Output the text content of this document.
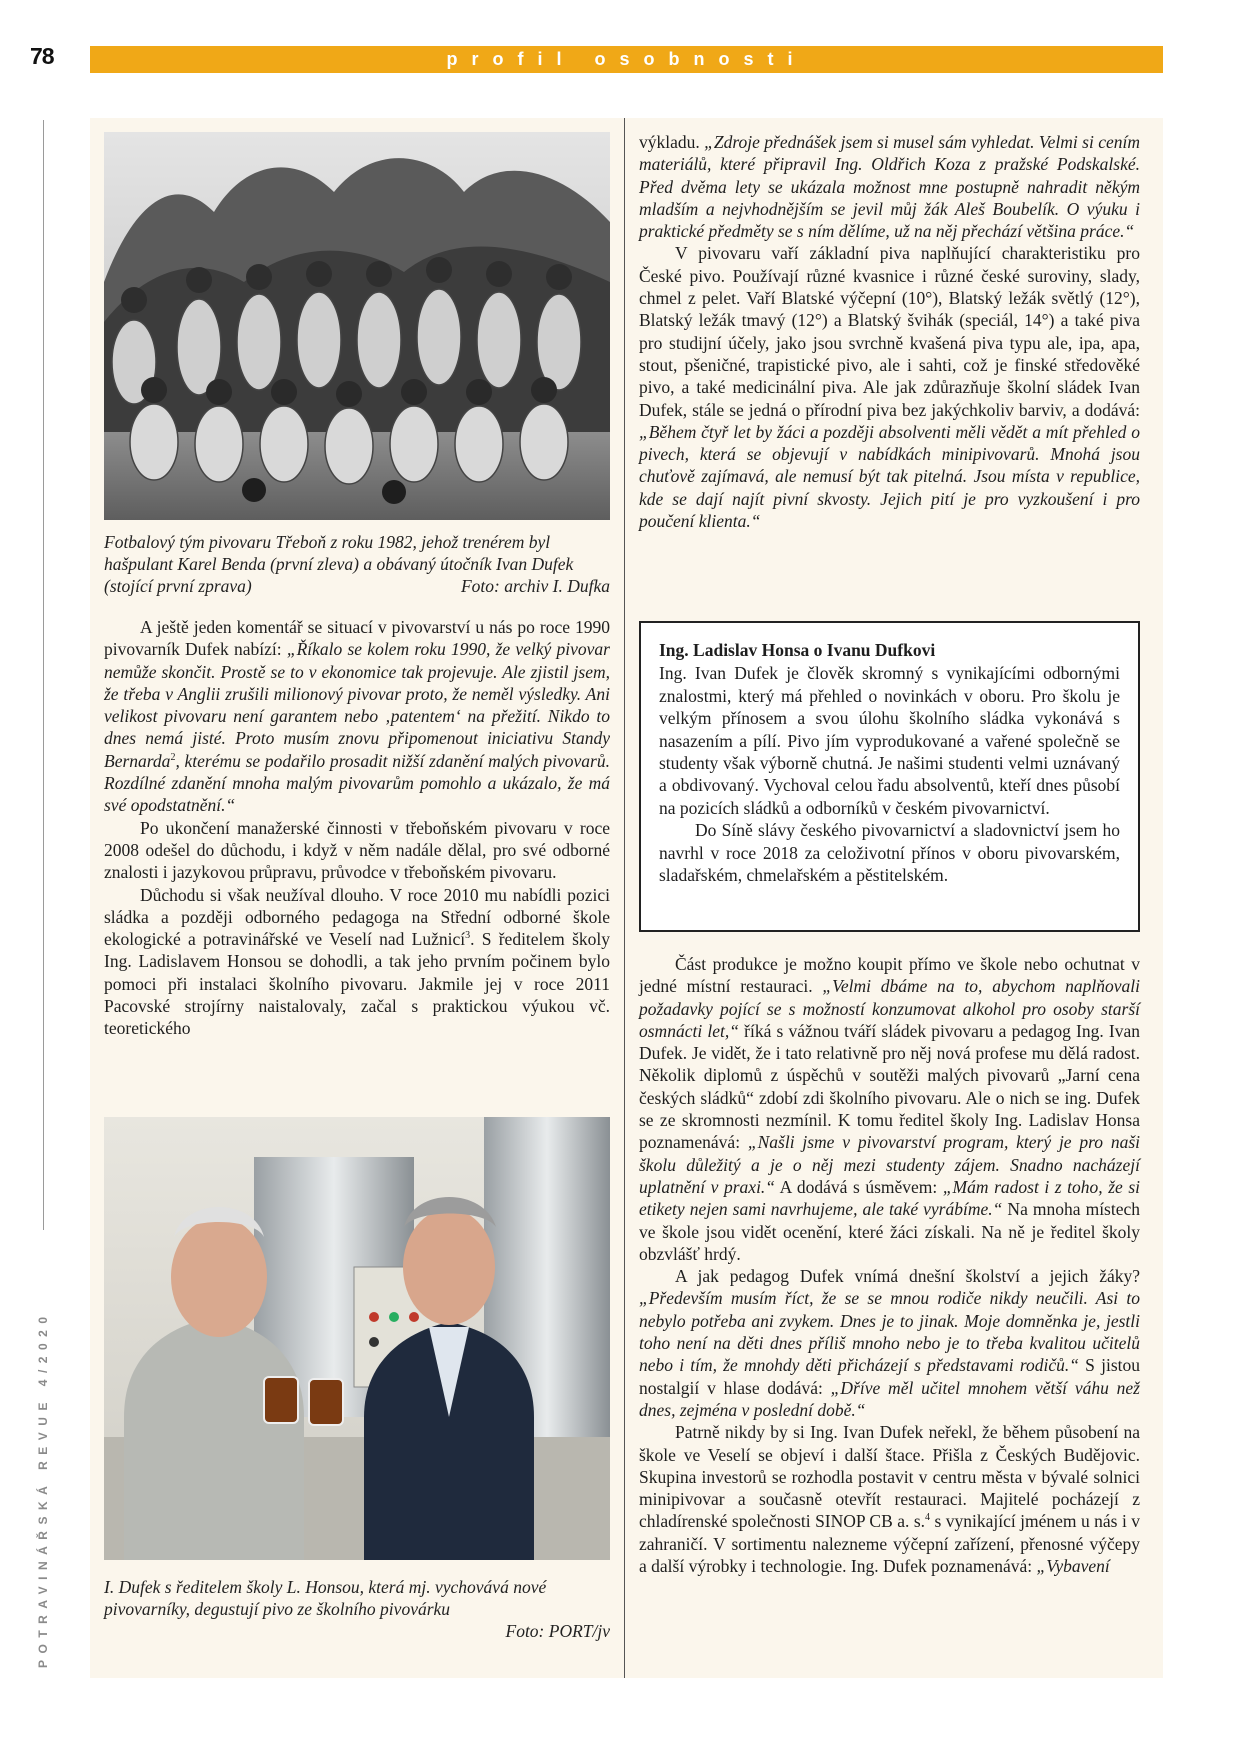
78	profil osobnosti
POTRAVINÁŘSKÁ REVUE 4/2020

Fotbalový tým pivovaru Třeboň z roku 1982, jehož trenérem byl hašpulant Karel Benda (první zleva) a obávaný útočník Ivan Dufek (stojící první zprava)	Foto: archiv I. Dufka

A ještě jeden komentář se situací v pivovarství u nás po roce 1990 pivovarník Dufek nabízí: „Říkalo se kolem roku 1990, že velký pivovar nemůže skončit. Prostě se to v ekonomice tak projevuje. Ale zjistil jsem, že třeba v Anglii zrušili milionový pivovar proto, že neměl výsledky. Ani velikost pivovaru není garantem nebo ‚patentem‘ na přežití. Nikdo to dnes nemá jisté. Proto musím znovu připomenout iniciativu Standy Bernarda$^2$, kterému se podařilo prosadit nižší zdanění malých pivovarů. Rozdílné zdanění mnoha malým pivovarům pomohlo a ukázalo, že má své opodstatnění.“

Po ukončení manažerské činnosti v třeboňském pivovaru v roce 2008 odešel do důchodu, i když v něm nadále dělal, pro své odborné znalosti i jazykovou průpravu, průvodce v třeboňském pivovaru.

Důchodu si však neužíval dlouho. V roce 2010 mu nabídli pozici sládka a později odborného pedagoga na Střední odborné škole ekologické a potravinářské ve Veselí nad Lužnicí$^3$. S ředitelem školy Ing. Ladislavem Honsou se dohodli, a tak jeho prvním počinem bylo pomoci při instalaci školního pivovaru. Jakmile jej v roce 2011 Pacovské strojírny naistalovaly, začal s praktickou výukou vč. teoretického

I. Dufek s ředitelem školy L. Honsou, která mj. vychovává nové pivovarníky, degustují pivo ze školního pivovárku

Foto: PORT/jv

výkladu. „Zdroje přednášek jsem si musel sám vyhledat. Velmi si cením materiálů, které připravil Ing. Oldřich Koza z pražské Podskalské. Před dvěma lety se ukázala možnost mne postupně nahradit někým mladším a nejvhodnějším se jevil můj žák Aleš Boubelík. O výuku i praktické předměty se s ním dělíme, už na něj přechází většina práce.“

V pivovaru vaří základní piva naplňující charakteristiku pro České pivo. Používají různé kvasnice i různé české suroviny, slady, chmel z pelet. Vaří Blatské výčepní (10°), Blatský ležák světlý (12°), Blatský ležák tmavý (12°) a Blatský švihák (speciál, 14°) a také piva pro studijní účely, jako jsou svrchně kvašená piva typu ale, ipa, apa, stout, pšeničné, trapistické pivo, ale i sahti, což je finské středověké pivo, a také medicinální piva. Ale jak zdůrazňuje školní sládek Ivan Dufek, stále se jedná o přírodní piva bez jakýchkoliv barviv, a dodává: „Během čtyř let by žáci a později absolventi měli vědět a mít přehled o pivech, která se objevují v nabídkách minipivovarů. Mnohá jsou chuťově zajímavá, ale nemusí být tak pitelná. Jsou místa v republice, kde se dají najít pivní skvosty. Jejich pití je pro vyzkoušení i pro poučení klienta.“

Ing. Ladislav Honsa o Ivanu Dufkovi

Ing. Ivan Dufek je člověk skromný s vynikajícími odbornými znalostmi, který má přehled o novinkách v oboru. Pro školu je velkým přínosem a svou úlohu školního sládka vykonává s nasazením a pílí. Pivo jím vyprodukované a vařené společně se studenty však výborně chutná. Je našimi studenti velmi uznávaný a obdivovaný. Vychoval celou řadu absolventů, kteří dnes působí na pozicích sládků a odborníků v českém pivovarnictví.

Do Síně slávy českého pivovarnictví a sladovnictví jsem ho navrhl v roce 2018 za celoživotní přínos v oboru pivovarském, sladařském, chmelařském a pěstitelském.

Část produkce je možno koupit přímo ve škole nebo ochutnat v jedné místní restauraci. „Velmi dbáme na to, abychom naplňovali požadavky pojící se s možností konzumovat alkohol pro osoby starší osmnácti let,“ říká s vážnou tváří sládek pivovaru a pedagog Ing. Ivan Dufek. Je vidět, že i tato relativně pro něj nová profese mu dělá radost. Několik diplomů z úspěchů v soutěži malých pivovarů „Jarní cena českých sládků“ zdobí zdi školního pivovaru. Ale o nich se ing. Dufek se ze skromnosti nezmínil. K tomu ředitel školy Ing. Ladislav Honsa poznamenává: „Našli jsme v pivovarství program, který je pro naši školu důležitý a je o něj mezi studenty zájem. Snadno nacházejí uplatnění v praxi.“ A dodává s úsměvem: „Mám radost i z toho, že si etikety nejen sami navrhujeme, ale také vyrábíme.“ Na mnoha místech ve škole jsou vidět ocenění, které žáci získali. Na ně je ředitel školy obzvlášť hrdý.

A jak pedagog Dufek vnímá dnešní školství a jejich žáky? „Především musím říct, že se se mnou rodiče nikdy neučili. Asi to nebylo potřeba ani zvykem. Dnes je to jinak. Moje domněnka je, jestli toho není na děti dnes příliš mnoho nebo je to třeba kvalitou učitelů nebo i tím, že mnohdy děti přicházejí s představami rodičů.“ S jistou nostalgií v hlase dodává: „Dříve měl učitel mnohem větší váhu než dnes, zejména v poslední době.“

Patrně nikdy by si Ing. Ivan Dufek neřekl, že během působení na škole ve Veselí se objeví i další štace. Přišla z Českých Budějovic. Skupina investorů se rozhodla postavit v centru města v bývalé solnici minipivovar a současně otevřít restauraci. Majitelé pocházejí z chladírenské společnosti SINOP CB a. s.$^4$ s vynikající jménem u nás i v zahraničí. V sortimentu nalezneme výčepní zařízení, přenosné výčepy a další výrobky i technologie. Ing. Dufek poznamenává: „Vybavení
